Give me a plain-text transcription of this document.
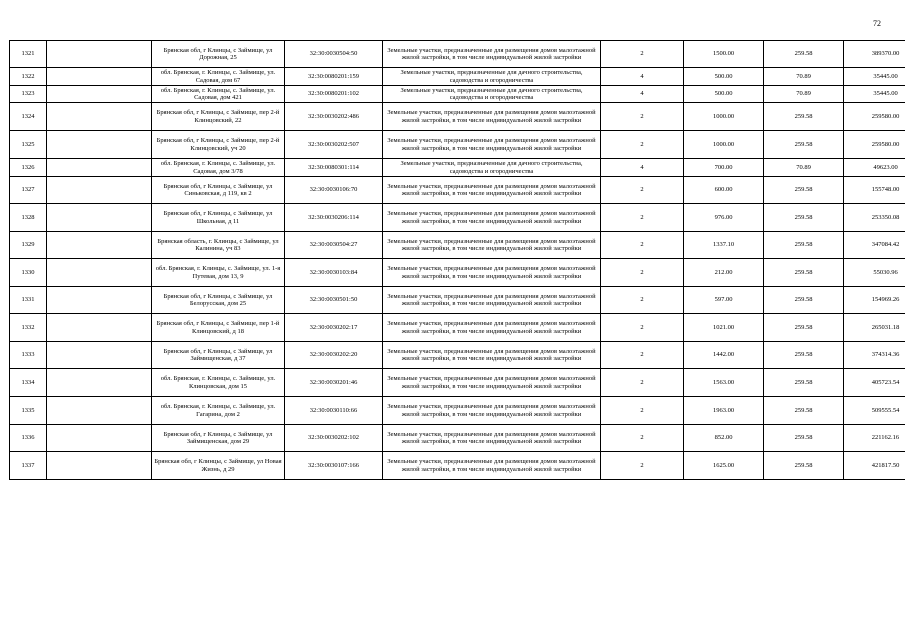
72
1321		Брянская обл, г Клинцы, с Займище, ул Дорожная, 25	32:30:0030504:50	Земельные участки, предназначенные для размещения домов малоэтажной жилой застройки, в том числе индивидуальной жилой застройки	2	1500.00	259.58	389370.00
1322		обл. Брянская, г. Клинцы, с. Займище, ул. Садовая, дом 67	32:30:0080201:159	Земельные участки, предназначенные для дачного строительства, садоводства и огородничества	4	500.00	70.89	35445.00
1323		обл. Брянская, г. Клинцы, с. Займище, ул. Садовая, дом 421	32:30:0080201:102	Земельные участки, предназначенные для дачного строительства, садоводства и огородничества	4	500.00	70.89	35445.00
1324		Брянская обл, г Клинцы, с Займище, пер 2-й Клинцовский, 22	32:30:0030202:486	Земельные участки, предназначенные для размещения домов малоэтажной жилой застройки, в том числе индивидуальной жилой застройки	2	1000.00	259.58	259580.00
1325		Брянская обл, г Клинцы, с Займище, пер 2-й Клинцовский, уч 20	32:30:0030202:507	Земельные участки, предназначенные для размещения домов малоэтажной жилой застройки, в том числе индивидуальной жилой застройки	2	1000.00	259.58	259580.00
1326		обл. Брянская, г. Клинцы, с. Займище, ул. Садовая, дом 3/78	32:30:0080301:114	Земельные участки, предназначенные для дачного строительства, садоводства и огородничества	4	700.00	70.89	49623.00
1327		Брянская обл, г Клинцы, с Займище, ул Синьковская, д 119, кв 2	32:30:0030106:70	Земельные участки, предназначенные для размещения домов малоэтажной жилой застройки, в том числе индивидуальной жилой застройки	2	600.00	259.58	155748.00
1328		Брянская обл, г Клинцы, с Займище, ул Школьная, д 11	32:30:0030206:114	Земельные участки, предназначенные для размещения домов малоэтажной жилой застройки, в том числе индивидуальной жилой застройки	2	976.00	259.58	253350.08
1329		Брянская область, г. Клинцы, с Займище, ул Калинина, уч 83	32:30:0030504:27	Земельные участки, предназначенные для размещения домов малоэтажной жилой застройки, в том числе индивидуальной жилой застройки	2	1337.10	259.58	347084.42
1330		обл. Брянская, г. Клинцы, с. Займище, ул. 1-я Путевая, дом 13, 9	32:30:0030103:84	Земельные участки, предназначенные для размещения домов малоэтажной жилой застройки, в том числе индивидуальной жилой застройки	2	212.00	259.58	55030.96
1331		Брянская обл, г Клинцы, с Займище, ул Белорусская, дом 25	32:30:0030501:50	Земельные участки, предназначенные для размещения домов малоэтажной жилой застройки, в том числе индивидуальной жилой застройки	2	597.00	259.58	154969.26
1332		Брянская обл, г Клинцы, с Займище, пер 1-й Клинцовский, д 18	32:30:0030202:17	Земельные участки, предназначенные для размещения домов малоэтажной жилой застройки, в том числе индивидуальной жилой застройки	2	1021.00	259.58	265031.18
1333		Брянская обл, г Клинцы, с Займище, ул Займищенская, д 37	32:30:0030202:20	Земельные участки, предназначенные для размещения домов малоэтажной жилой застройки, в том числе индивидуальной жилой застройки	2	1442.00	259.58	374314.36
1334		обл. Брянская, г. Клинцы, с. Займище, ул. Клинцовская, дом 15	32:30:0030201:46	Земельные участки, предназначенные для размещения домов малоэтажной жилой застройки, в том числе индивидуальной жилой застройки	2	1563.00	259.58	405723.54
1335		обл. Брянская, г. Клинцы, с. Займище, ул. Гагарина, дом 2	32:30:0030110:66	Земельные участки, предназначенные для размещения домов малоэтажной жилой застройки, в том числе индивидуальной жилой застройки	2	1963.00	259.58	509555.54
1336		Брянская обл, г Клинцы, с Займище, ул Займищенская, дом 29	32:30:0030202:102	Земельные участки, предназначенные для размещения домов малоэтажной жилой застройки, в том числе индивидуальной жилой застройки	2	852.00	259.58	221162.16
1337		Брянская обл, г Клинцы, с Займище, ул Новая Жизнь, д 29	32:30:0030107:166	Земельные участки, предназначенные для размещения домов малоэтажной жилой застройки, в том числе индивидуальной жилой застройки	2	1625.00	259.58	421817.50
